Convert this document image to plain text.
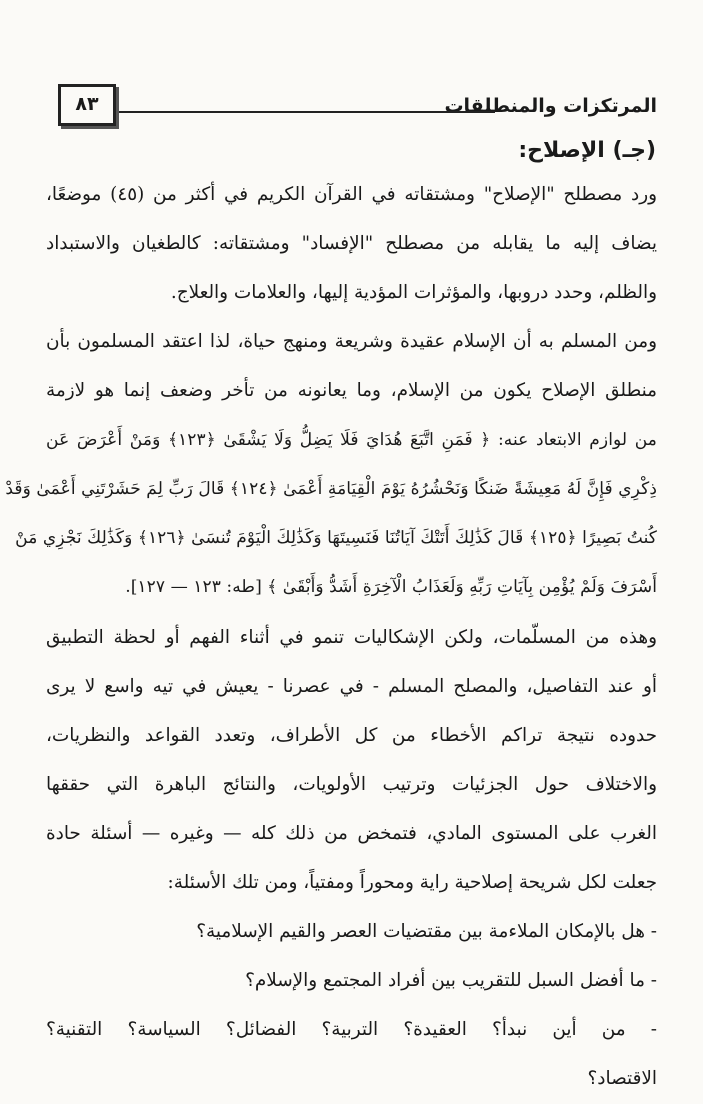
المرتكزات والمنطلقات
٨٣
(جـ) الإصلاح:
ورد مصطلح "الإصلاح" ومشتقاته في القرآن الكريم في أكثر من (٤٥) موضعًا،
يضاف إليه ما يقابله من مصطلح "الإفساد" ومشتقاته: كالطغيان والاستبداد
والظلم، وحدد دروبها، والمؤثرات المؤدية إليها، والعلامات والعلاج.
ومن المسلم به أن الإسلام عقيدة وشريعة ومنهج حياة، لذا اعتقد المسلمون بأن
منطلق الإصلاح يكون من الإسلام، وما يعانونه من تأخر وضعف إنما هو لازمة
من لوازم الابتعاد عنه: ﴿ فَمَنِ اتَّبَعَ هُدَايَ فَلَا يَضِلُّ وَلَا يَشْقَىٰ ﴿١٢٣﴾ وَمَنْ أَعْرَضَ عَن
ذِكْرِي فَإِنَّ لَهُ مَعِيشَةً ضَنكًا وَنَحْشُرُهُ يَوْمَ الْقِيَامَةِ أَعْمَىٰ ﴿١٢٤﴾ قَالَ رَبِّ لِمَ حَشَرْتَنِي أَعْمَىٰ وَقَدْ
كُنتُ بَصِيرًا ﴿١٢٥﴾ قَالَ كَذَٰلِكَ أَتَتْكَ آيَاتُنَا فَنَسِيتَهَا وَكَذَٰلِكَ الْيَوْمَ تُنسَىٰ ﴿١٢٦﴾ وَكَذَٰلِكَ نَجْزِي مَنْ
أَسْرَفَ وَلَمْ يُؤْمِن بِآيَاتِ رَبِّهِ وَلَعَذَابُ الْآخِرَةِ أَشَدُّ وَأَبْقَىٰ ﴾ [طه: ١٢٣ — ١٢٧].
وهذه من المسلّمات، ولكن الإشكاليات تنمو في أثناء الفهم أو لحظة التطبيق
أو عند التفاصيل، والمصلح المسلم - في عصرنا - يعيش في تيه واسع لا يرى
حدوده نتيجة تراكم الأخطاء من كل الأطراف، وتعدد القواعد والنظريات،
والاختلاف حول الجزئيات وترتيب الأولويات، والنتائج الباهرة التي حققها
الغرب على المستوى المادي، فتمخض من ذلك كله — وغيره — أسئلة حادة
جعلت لكل شريحة إصلاحية راية ومحوراً ومفتياً، ومن تلك الأسئلة:
- هل بالإمكان الملاءمة بين مقتضيات العصر والقيم الإسلامية؟
- ما أفضل السبل للتقريب بين أفراد المجتمع والإسلام؟
- من أين نبدأ؟ العقيدة؟ التربية؟ الفضائل؟ السياسة؟ التقنية؟
الاقتصاد؟
